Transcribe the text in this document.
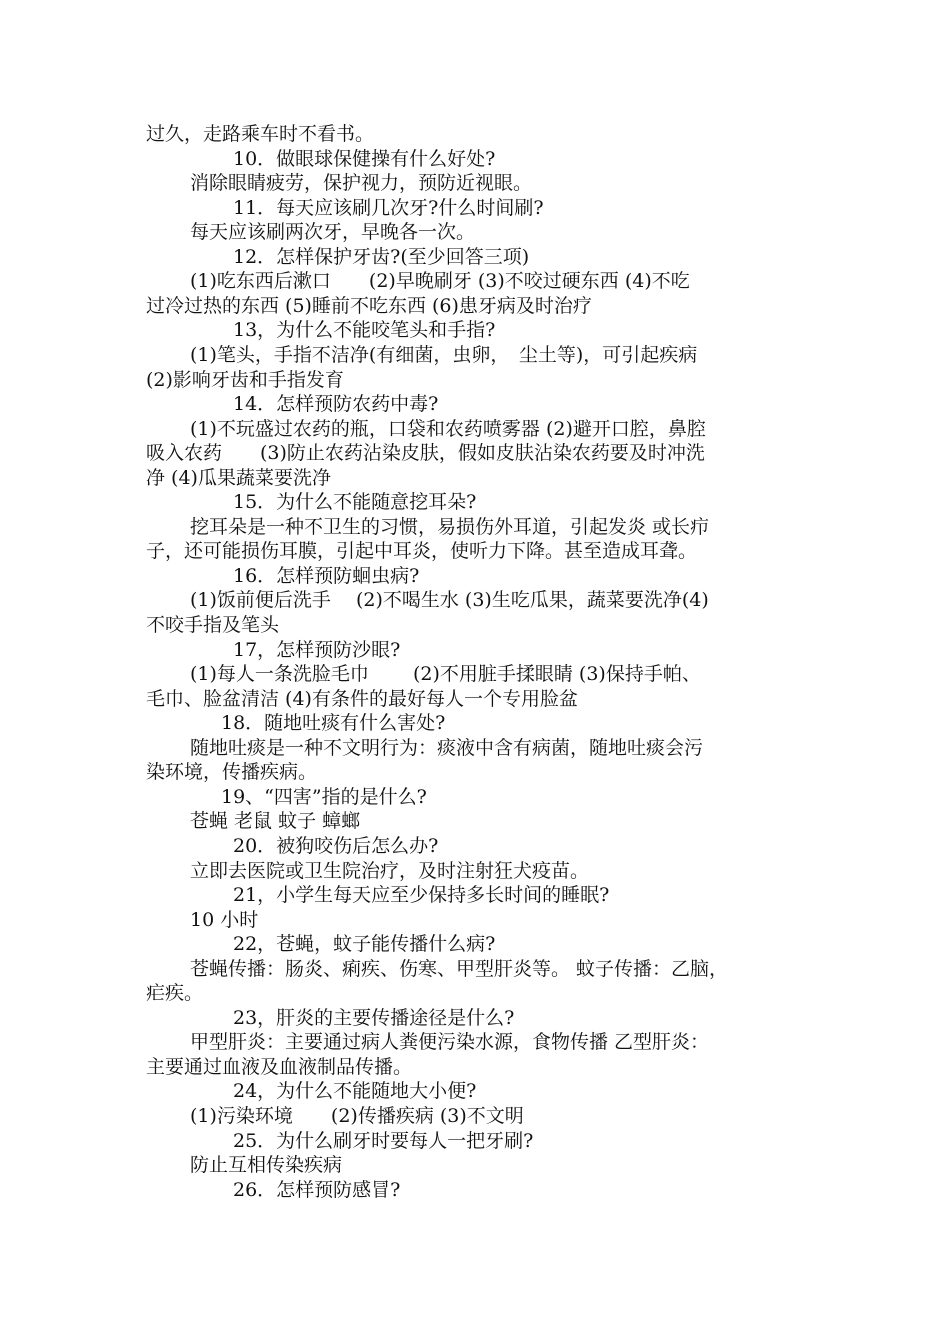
过久，走路乘车时不看书。
10．做眼球保健操有什么好处?
消除眼睛疲劳，保护视力，预防近视眼。
11．每天应该刷几次牙?什么时间刷?
每天应该刷两次牙，早晚各一次。
12．怎样保护牙齿?(至少回答三项)
(1)吃东西后漱口　　(2)早晚刷牙 (3)不咬过硬东西 (4)不吃
过冷过热的东西 (5)睡前不吃东西 (6)患牙病及时治疗
13，为什么不能咬笔头和手指?
(1)笔头，手指不洁净(有细菌，虫卵，　尘土等)，可引起疾病
(2)影响牙齿和手指发育
14．怎样预防农药中毒?
(1)不玩盛过农药的瓶，口袋和农药喷雾器 (2)避开口腔，鼻腔
吸入农药　　(3)防止农药沾染皮肤，假如皮肤沾染农药要及时冲洗
净 (4)瓜果蔬菜要洗净
15．为什么不能随意挖耳朵?
挖耳朵是一种不卫生的习惯，易损伤外耳道，引起发炎 或长疖
子，还可能损伤耳膜，引起中耳炎，使听力下降。甚至造成耳聋。
16．怎样预防蛔虫病?
(1)饭前便后洗手　 (2)不喝生水 (3)生吃瓜果，蔬菜要洗净(4)
不咬手指及笔头
17，怎样预防沙眼?
(1)每人一条洗脸毛巾　　 (2)不用脏手揉眼睛 (3)保持手帕、
毛巾、脸盆清洁 (4)有条件的最好每人一个专用脸盆
18．随地吐痰有什么害处?
随地吐痰是一种不文明行为：痰液中含有病菌，随地吐痰会污
染环境，传播疾病。
19、“四害”指的是什么?
苍蝇 老鼠 蚊子 蟑螂
20．被狗咬伤后怎么办?
立即去医院或卫生院治疗，及时注射狂犬疫苗。
21，小学生每天应至少保持多长时间的睡眠?
10 小时
22，苍蝇，蚊子能传播什么病?
苍蝇传播：肠炎、痢疾、伤寒、甲型肝炎等。 蚊子传播：乙脑，
疟疾。
23，肝炎的主要传播途径是什么?
甲型肝炎：主要通过病人粪便污染水源，食物传播 乙型肝炎：
主要通过血液及血液制品传播。
24，为什么不能随地大小便?
(1)污染环境　　(2)传播疾病 (3)不文明
25．为什么刷牙时要每人一把牙刷?
防止互相传染疾病
26．怎样预防感冒?
